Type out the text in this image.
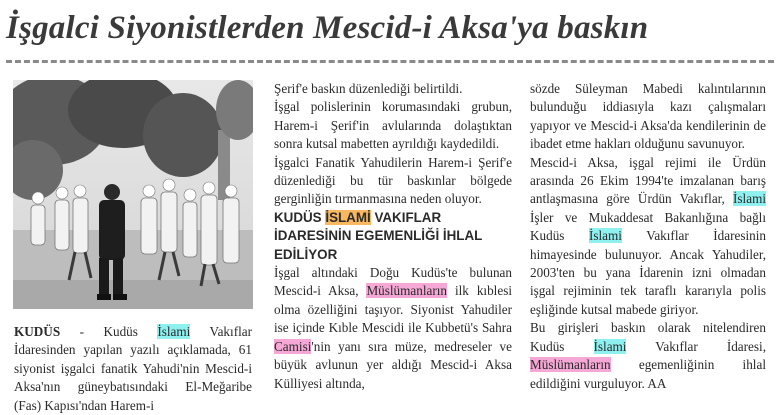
İşgalci Siyonistlerden Mescid-i Aksa'ya baskın

KUDÜS - Kudüs İslami Vakıflar İdaresinden yapılan yazılı açıklamada, 61 siyonist işgalci fanatik Yahudi'nin Mescid-i Aksa'nın güneybatısındaki El-Meğaribe (Fas) Kapısı'ndan Harem-i

Şerif'e baskın düzenlediği belirtildi.

İşgal polislerinin korumasındaki grubun, Harem-i Şerif'in avlularında dolaştıktan sonra kutsal mabetten ayrıldığı kaydedildi.

İşgalci Fanatik Yahudilerin Harem-i Şerif'e düzenlediği bu tür baskınlar bölgede gerginliğin tırmanmasına neden oluyor.

KUDÜS İSLAMİ VAKIFLAR İDARESİNİN EGEMENLİĞİ İHLAL EDİLİYOR

İşgal altındaki Doğu Kudüs'te bulunan Mescid-i Aksa, Müslümanların ilk kıblesi olma özelliğini taşıyor. Siyonist Yahudiler ise içinde Kıble Mescidi ile Kubbetü's Sahra Camisi'nin yanı sıra müze, medreseler ve büyük avlunun yer aldığı Mescid-i Aksa Külliyesi altında,

sözde Süleyman Mabedi kalıntılarının bulunduğu iddiasıyla kazı çalışmaları yapıyor ve Mescid-i Aksa'da kendilerinin de ibadet etme hakları olduğunu savunuyor.

Mescid-i Aksa, işgal rejimi ile Ürdün arasında 26 Ekim 1994'te imzalanan barış antlaşmasına göre Ürdün Vakıflar, İslami İşler ve Mukaddesat Bakanlığına bağlı Kudüs İslami Vakıflar İdaresinin himayesinde bulunuyor. Ancak Yahudiler, 2003'ten bu yana İdarenin izni olmadan işgal rejiminin tek taraflı kararıyla polis eşliğinde kutsal mabede giriyor.

Bu girişleri baskın olarak nitelendiren Kudüs İslami Vakıflar İdaresi, Müslümanların egemenliğinin ihlal edildiğini vurguluyor. AA
